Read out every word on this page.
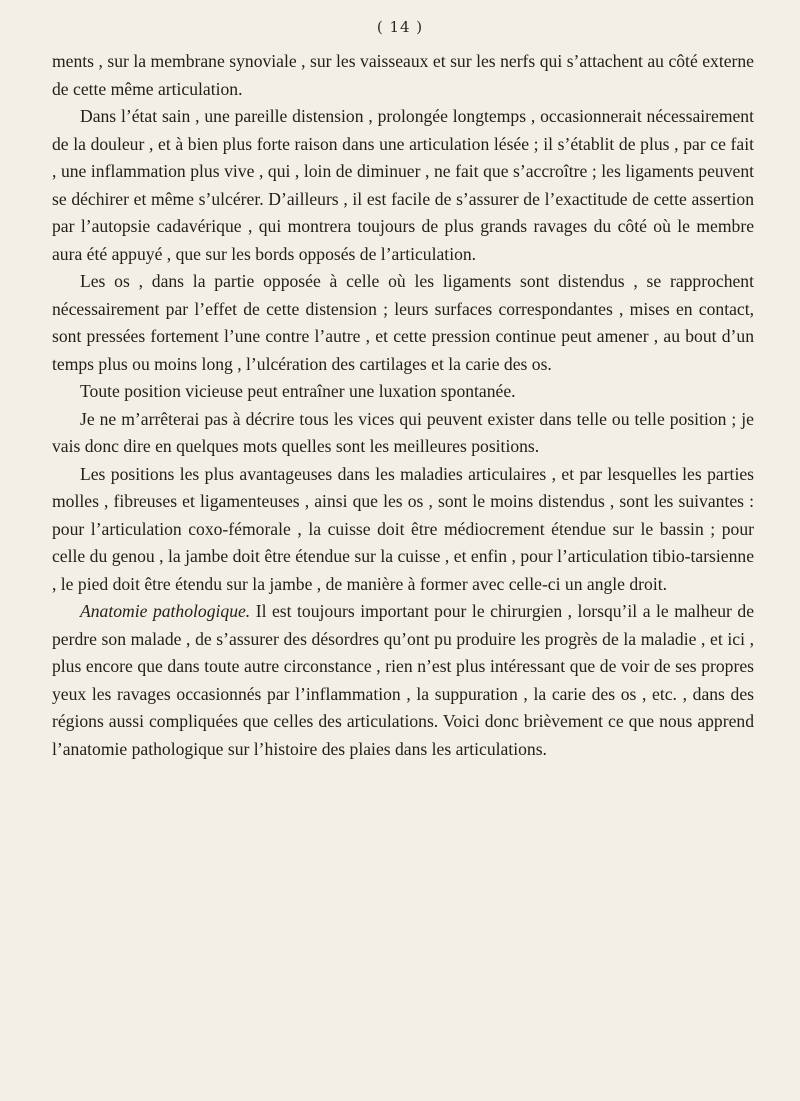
( 14 )

ments , sur la membrane synoviale , sur les vaisseaux et sur les nerfs qui s’attachent au côté externe de cette même articulation.

Dans l’état sain , une pareille distension , prolongée longtemps , occasionnerait nécessairement de la douleur , et à bien plus forte raison dans une articulation lésée ; il s’établit de plus , par ce fait , une inflammation plus vive , qui , loin de diminuer , ne fait que s’accroître ; les ligaments peuvent se déchirer et même s’ulcérer. D’ailleurs , il est facile de s’assurer de l’exactitude de cette assertion par l’autopsie cadavérique , qui montrera toujours de plus grands ravages du côté où le membre aura été appuyé , que sur les bords opposés de l’articulation.

Les os , dans la partie opposée à celle où les ligaments sont distendus , se rapprochent nécessairement par l’effet de cette distension ; leurs surfaces correspondantes , mises en contact, sont pressées fortement l’une contre l’autre , et cette pression continue peut amener , au bout d’un temps plus ou moins long , l’ulcération des cartilages et la carie des os.

Toute position vicieuse peut entraîner une luxation spontanée.

Je ne m’arrêterai pas à décrire tous les vices qui peuvent exister dans telle ou telle position ; je vais donc dire en quelques mots quelles sont les meilleures positions.

Les positions les plus avantageuses dans les maladies articulaires , et par lesquelles les parties molles , fibreuses et ligamenteuses , ainsi que les os , sont le moins distendus , sont les suivantes : pour l’articulation coxo-fémorale , la cuisse doit être médiocrement étendue sur le bassin ; pour celle du genou , la jambe doit être étendue sur la cuisse , et enfin , pour l’articulation tibio-tarsienne , le pied doit être étendu sur la jambe , de manière à former avec celle-ci un angle droit.

Anatomie pathologique. Il est toujours important pour le chirurgien , lorsqu’il a le malheur de perdre son malade , de s’assurer des désordres qu’ont pu produire les progrès de la maladie , et ici , plus encore que dans toute autre circonstance , rien n’est plus intéressant que de voir de ses propres yeux les ravages occasionnés par l’inflammation , la suppuration , la carie des os , etc. , dans des régions aussi compliquées que celles des articulations. Voici donc brièvement ce que nous apprend l’anatomie pathologique sur l’histoire des plaies dans les articulations.
